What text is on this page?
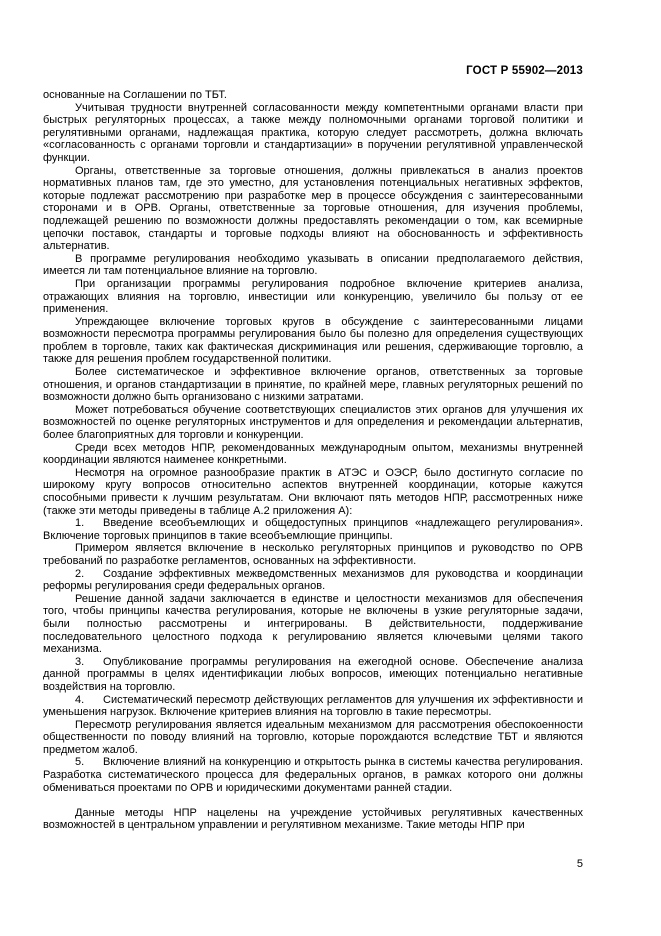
ГОСТ Р 55902—2013
основанные на Соглашении по ТБТ.
Учитывая трудности внутренней согласованности между компетентными органами власти при быстрых регуляторных процессах, а также между полномочными органами торговой политики и регулятивными органами, надлежащая практика, которую следует рассмотреть, должна включать «согласованность с органами торговли и стандартизации» в поручении регулятивной управленческой функции.
Органы, ответственные за торговые отношения, должны привлекаться в анализ проектов нормативных планов там, где это уместно, для установления потенциальных негативных эффектов, которые подлежат рассмотрению при разработке мер в процессе обсуждения с заинтересованными сторонами и в ОРВ. Органы, ответственные за торговые отношения, для изучения проблемы, подлежащей решению по возможности должны предоставлять рекомендации о том, как всемирные цепочки поставок, стандарты и торговые подходы влияют на обоснованность и эффективность альтернатив.
В программе регулирования необходимо указывать в описании предполагаемого действия, имеется ли там потенциальное влияние на торговлю.
При организации программы регулирования подробное включение критериев анализа, отражающих влияния на торговлю, инвестиции или конкуренцию, увеличило бы пользу от ее применения.
Упреждающее включение торговых кругов в обсуждение с заинтересованными лицами возможности пересмотра программы регулирования было бы полезно для определения существующих проблем в торговле, таких как фактическая дискриминация или решения, сдерживающие торговлю, а также для решения проблем государственной политики.
Более систематическое и эффективное включение органов, ответственных за торговые отношения, и органов стандартизации в принятие, по крайней мере, главных регуляторных решений по возможности должно быть организовано с низкими затратами.
Может потребоваться обучение соответствующих специалистов этих органов для улучшения их возможностей по оценке регуляторных инструментов и для определения и рекомендации альтернатив, более благоприятных для торговли и конкуренции.
Среди всех методов НПР, рекомендованных международным опытом, механизмы внутренней координации являются наименее конкретными.
Несмотря на огромное разнообразие практик в АТЭС и ОЭСР, было достигнуто согласие по широкому кругу вопросов относительно аспектов внутренней координации, которые кажутся способными привести к лучшим результатам. Они включают пять методов НПР, рассмотренных ниже (также эти методы приведены в таблице А.2 приложения А):
1. Введение всеобъемлющих и общедоступных принципов «надлежащего регулирования». Включение торговых принципов в такие всеобъемлющие принципы.
Примером является включение в несколько регуляторных принципов и руководство по ОРВ требований по разработке регламентов, основанных на эффективности.
2. Создание эффективных межведомственных механизмов для руководства и координации реформы регулирования среди федеральных органов.
Решение данной задачи заключается в единстве и целостности механизмов для обеспечения того, чтобы принципы качества регулирования, которые не включены в узкие регуляторные задачи, были полностью рассмотрены и интегрированы. В действительности, поддерживание последовательного целостного подхода к регулированию является ключевыми целями такого механизма.
3. Опубликование программы регулирования на ежегодной основе. Обеспечение анализа данной программы в целях идентификации любых вопросов, имеющих потенциально негативные воздействия на торговлю.
4. Систематический пересмотр действующих регламентов для улучшения их эффективности и уменьшения нагрузок. Включение критериев влияния на торговлю в такие пересмотры.
Пересмотр регулирования является идеальным механизмом для рассмотрения обеспокоенности общественности по поводу влияний на торговлю, которые порождаются вследствие ТБТ и являются предметом жалоб.
5. Включение влияний на конкуренцию и открытость рынка в системы качества регулирования. Разработка систематического процесса для федеральных органов, в рамках которого они должны обмениваться проектами по ОРВ и юридическими документами ранней стадии.
Данные методы НПР нацелены на учреждение устойчивых регулятивных качественных возможностей в центральном управлении и регулятивном механизме. Такие методы НПР при
5
